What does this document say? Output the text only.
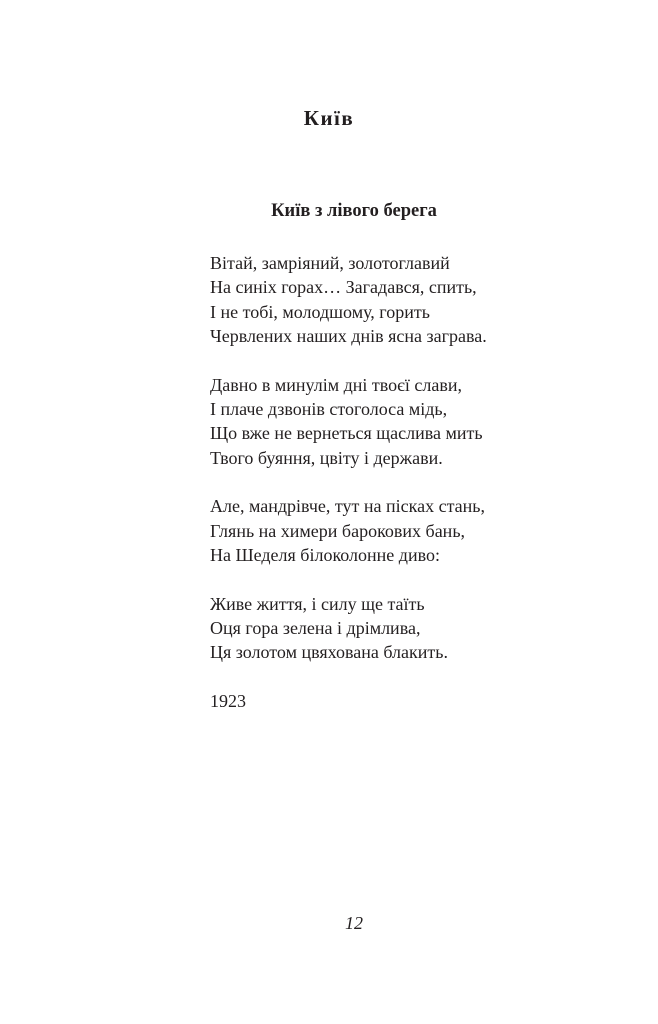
Київ
Київ з лівого берега
Вітай, замріяний, золотоглавий
На синіх горах… Загадався, спить,
І не тобі, молодшому, горить
Червлених наших днів ясна заграва.
Давно в минулім дні твоєї слави,
І плаче дзвонів стоголоса мідь,
Що вже не вернеться щаслива мить
Твого буяння, цвіту і держави.
Але, мандрівче, тут на пісках стань,
Глянь на химери барокових бань,
На Шеделя білоколонне диво:
Живе життя, і силу ще таїть
Оця гора зелена і дрімлива,
Ця золотом цвяхована блакить.
1923
12
